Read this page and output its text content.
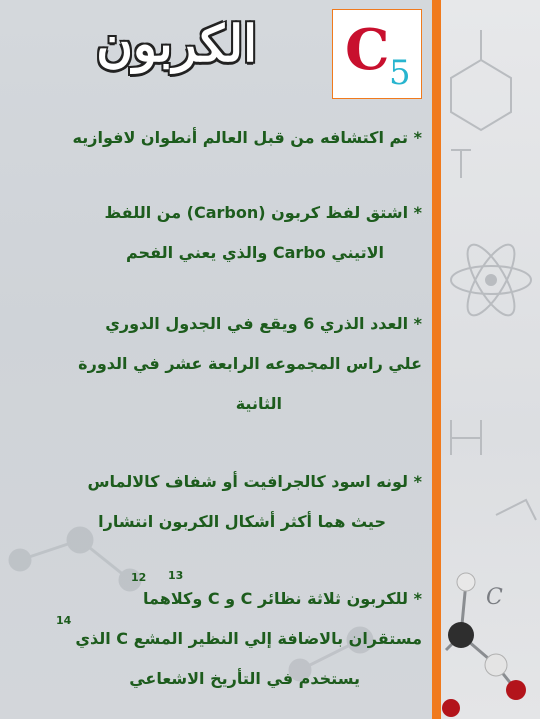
الكربون C 5
* تم اكتشافه من قبل العالم أنطوان لافوازيه
* اشتق لفظ كربون (Carbon) من اللفظ
الاتيني Carbo والذي يعني الفحم
* العدد الذري 6 ويقع في الجدول الدوري
علي راس المجموعه الرابعة عشر في الدورة
الثانية
* لونه اسود كالجرافيت أو شفاف كالالماس
حيث هما أكثر أشكال الكربون انتشارا
* للكربون ثلاثة نظائر C و C وكلاهما
مستقران بالاضافة إلي النظير المشع C الذي
يستخدم في التأريخ الاشعاعي
13
12
14
C
